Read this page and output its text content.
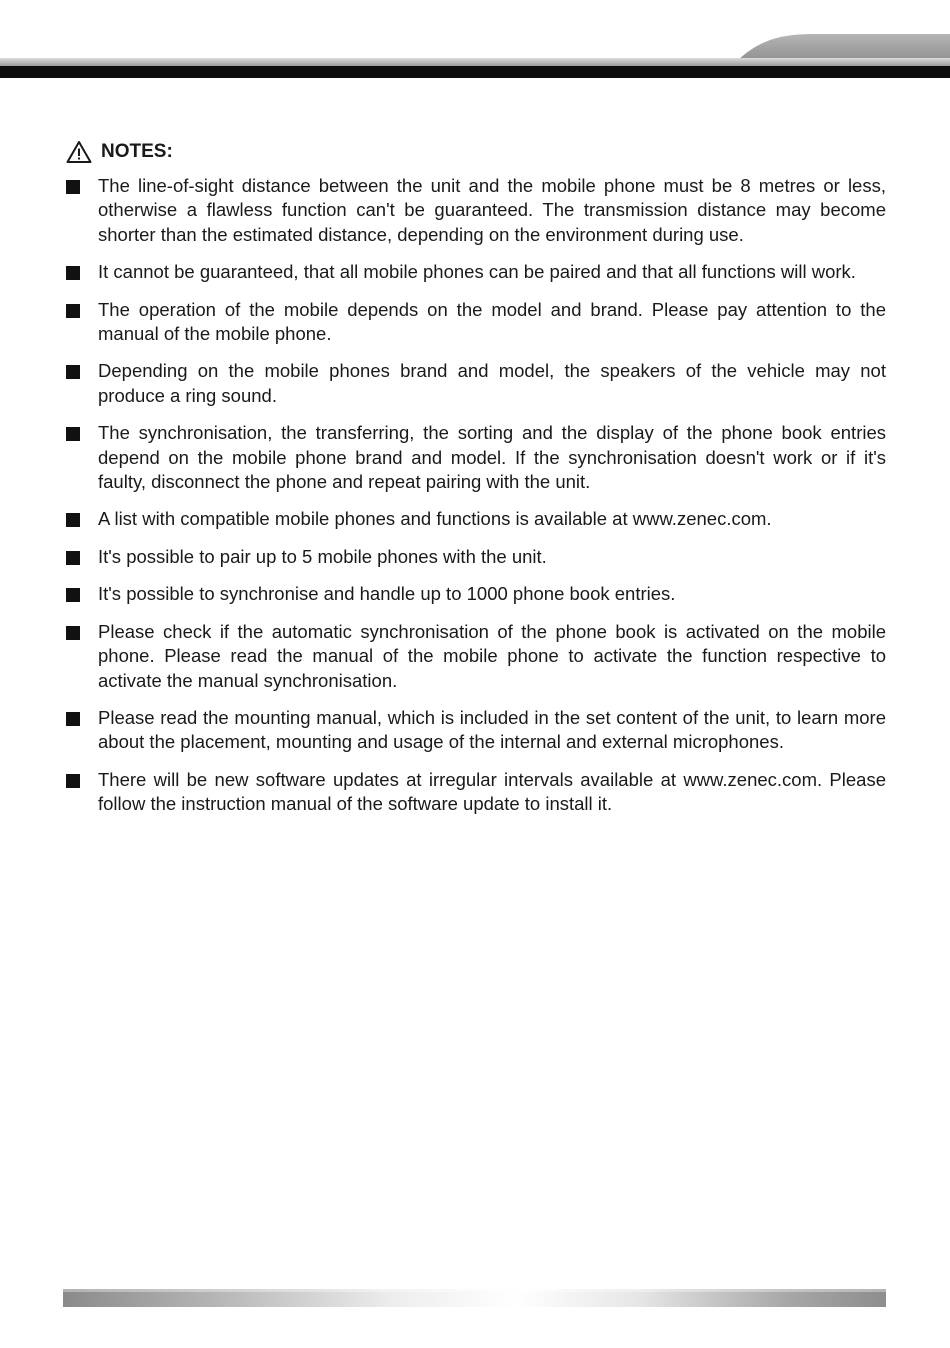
NOTES:
The line-of-sight distance between the unit and the mobile phone must be 8 metres or less, otherwise a flawless function can't be guaranteed. The transmission distance may become shorter than the estimated distance, depending on the environment during use.
It cannot be guaranteed, that all mobile phones can be paired and that all functions will work.
The operation of the mobile depends on the model and brand. Please pay attention to the manual of the mobile phone.
Depending on the mobile phones brand and model, the speakers of the vehicle may not produce a ring sound.
The synchronisation, the transferring, the sorting and the display of the phone book entries depend on the mobile phone brand and model. If the synchronisation doesn't work or if it's faulty, disconnect the phone and repeat pairing with the unit.
A list with compatible mobile phones and functions is available at www.zenec.com.
It's possible to pair up to 5 mobile phones with the unit.
It's possible to synchronise and handle up to 1000 phone book entries.
Please check if the automatic synchronisation of the phone book is activated on the mobile phone. Please read the manual of the mobile phone to activate the function respective to activate the manual synchronisation.
Please read the mounting manual, which is included in the set content of the unit, to learn more about the placement, mounting and usage of the internal and external microphones.
There will be new software updates at irregular intervals available at www.zenec.com. Please follow the instruction manual of the software update to install it.
